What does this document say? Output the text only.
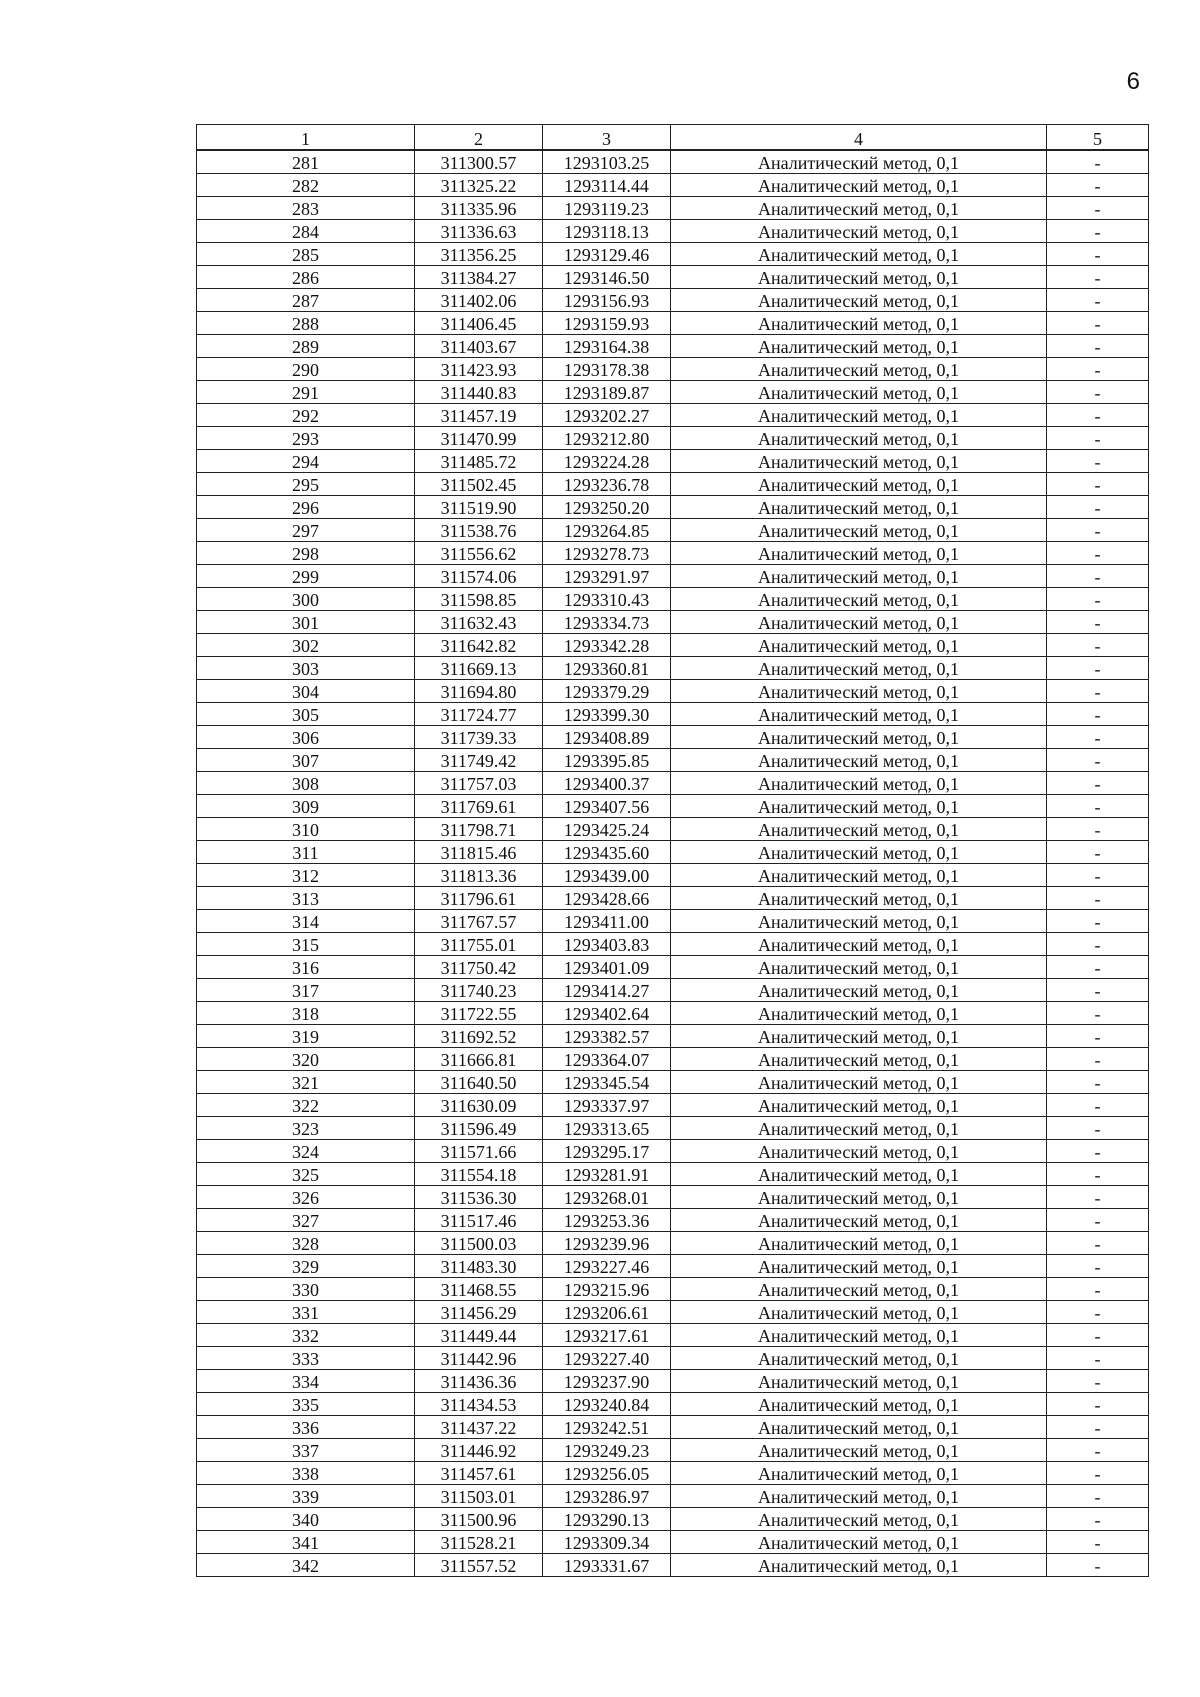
6
1	2	3	4	5
281	311300.57	1293103.25	Аналитический метод, 0,1	-
282	311325.22	1293114.44	Аналитический метод, 0,1	-
283	311335.96	1293119.23	Аналитический метод, 0,1	-
284	311336.63	1293118.13	Аналитический метод, 0,1	-
285	311356.25	1293129.46	Аналитический метод, 0,1	-
286	311384.27	1293146.50	Аналитический метод, 0,1	-
287	311402.06	1293156.93	Аналитический метод, 0,1	-
288	311406.45	1293159.93	Аналитический метод, 0,1	-
289	311403.67	1293164.38	Аналитический метод, 0,1	-
290	311423.93	1293178.38	Аналитический метод, 0,1	-
291	311440.83	1293189.87	Аналитический метод, 0,1	-
292	311457.19	1293202.27	Аналитический метод, 0,1	-
293	311470.99	1293212.80	Аналитический метод, 0,1	-
294	311485.72	1293224.28	Аналитический метод, 0,1	-
295	311502.45	1293236.78	Аналитический метод, 0,1	-
296	311519.90	1293250.20	Аналитический метод, 0,1	-
297	311538.76	1293264.85	Аналитический метод, 0,1	-
298	311556.62	1293278.73	Аналитический метод, 0,1	-
299	311574.06	1293291.97	Аналитический метод, 0,1	-
300	311598.85	1293310.43	Аналитический метод, 0,1	-
301	311632.43	1293334.73	Аналитический метод, 0,1	-
302	311642.82	1293342.28	Аналитический метод, 0,1	-
303	311669.13	1293360.81	Аналитический метод, 0,1	-
304	311694.80	1293379.29	Аналитический метод, 0,1	-
305	311724.77	1293399.30	Аналитический метод, 0,1	-
306	311739.33	1293408.89	Аналитический метод, 0,1	-
307	311749.42	1293395.85	Аналитический метод, 0,1	-
308	311757.03	1293400.37	Аналитический метод, 0,1	-
309	311769.61	1293407.56	Аналитический метод, 0,1	-
310	311798.71	1293425.24	Аналитический метод, 0,1	-
311	311815.46	1293435.60	Аналитический метод, 0,1	-
312	311813.36	1293439.00	Аналитический метод, 0,1	-
313	311796.61	1293428.66	Аналитический метод, 0,1	-
314	311767.57	1293411.00	Аналитический метод, 0,1	-
315	311755.01	1293403.83	Аналитический метод, 0,1	-
316	311750.42	1293401.09	Аналитический метод, 0,1	-
317	311740.23	1293414.27	Аналитический метод, 0,1	-
318	311722.55	1293402.64	Аналитический метод, 0,1	-
319	311692.52	1293382.57	Аналитический метод, 0,1	-
320	311666.81	1293364.07	Аналитический метод, 0,1	-
321	311640.50	1293345.54	Аналитический метод, 0,1	-
322	311630.09	1293337.97	Аналитический метод, 0,1	-
323	311596.49	1293313.65	Аналитический метод, 0,1	-
324	311571.66	1293295.17	Аналитический метод, 0,1	-
325	311554.18	1293281.91	Аналитический метод, 0,1	-
326	311536.30	1293268.01	Аналитический метод, 0,1	-
327	311517.46	1293253.36	Аналитический метод, 0,1	-
328	311500.03	1293239.96	Аналитический метод, 0,1	-
329	311483.30	1293227.46	Аналитический метод, 0,1	-
330	311468.55	1293215.96	Аналитический метод, 0,1	-
331	311456.29	1293206.61	Аналитический метод, 0,1	-
332	311449.44	1293217.61	Аналитический метод, 0,1	-
333	311442.96	1293227.40	Аналитический метод, 0,1	-
334	311436.36	1293237.90	Аналитический метод, 0,1	-
335	311434.53	1293240.84	Аналитический метод, 0,1	-
336	311437.22	1293242.51	Аналитический метод, 0,1	-
337	311446.92	1293249.23	Аналитический метод, 0,1	-
338	311457.61	1293256.05	Аналитический метод, 0,1	-
339	311503.01	1293286.97	Аналитический метод, 0,1	-
340	311500.96	1293290.13	Аналитический метод, 0,1	-
341	311528.21	1293309.34	Аналитический метод, 0,1	-
342	311557.52	1293331.67	Аналитический метод, 0,1	-
